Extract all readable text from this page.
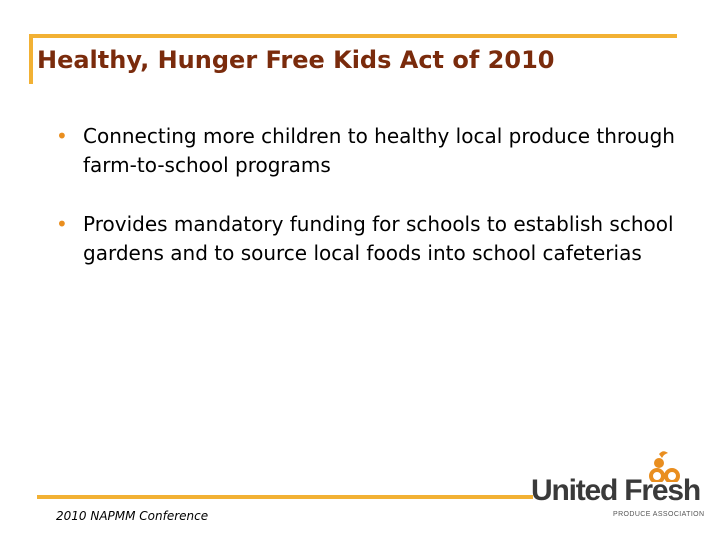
Healthy, Hunger Free Kids Act of 2010
• Connecting more children to healthy local produce through farm-to-school programs
• Provides mandatory funding for schools to establish school gardens and to source local foods into school cafeterias
2010 NAPMM Conference
United Fresh
PRODUCE ASSOCIATION
